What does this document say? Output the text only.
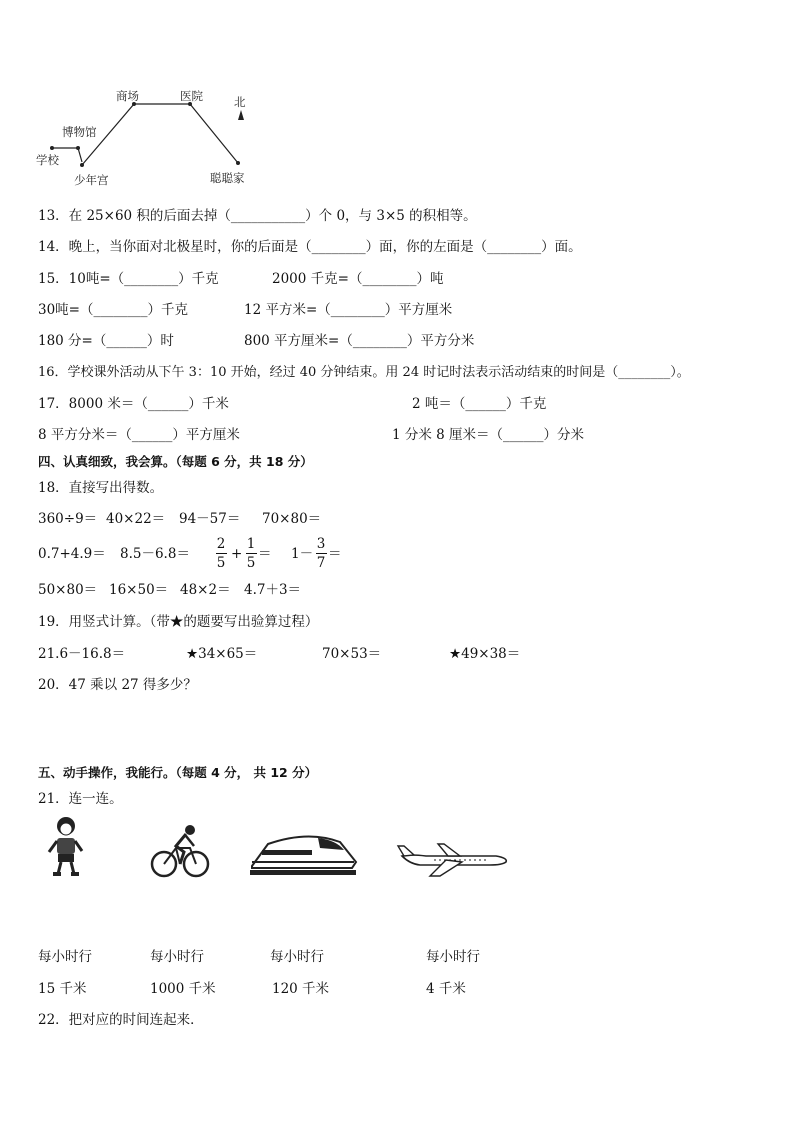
商场	医院
博物馆
学校
少年宫	聪聪家
北
13．在 25×60 积的后面去掉（___________）个 0，与 3×5 的积相等。
14．晚上，当你面对北极星时，你的后面是（________）面，你的左面是（________）面。
15．10吨=（________）千克	2000 千克=（________）吨
30吨=（________）千克	12 平方米=（________）平方厘米
180 分=（______）时	800 平方厘米=（________）平方分米
16．学校课外活动从下午 3：10 开始，经过 40 分钟结束。用 24 时记时法表示活动结束的时间是（________）。
17．8000 米＝（______）千米	2 吨＝（______）千克
8 平方分米＝（______）平方厘米	1 分米 8 厘米＝（______）分米
四、认真细致，我会算。（每题 6 分，共 18 分）
18．直接写出得数。
360÷9＝ 40×22＝ 94－57＝ 70×80＝
0.7+4.9＝ 8.5－6.8＝
2
5
+
1
5
＝ 1－
3
7
＝
50×80＝ 16×50＝ 48×2＝ 4.7＋3＝
19．用竖式计算。（带★的题要写出验算过程）
21.6－16.8＝	★34×65＝	70×53＝	★49×38＝
20．47 乘以 27 得多少？
五、动手操作，我能行。（每题 4 分， 共 12 分）
21．连一连。
每小时行	每小时行	每小时行	每小时行
15 千米	1000 千米	120 千米	4 千米
22．把对应的时间连起来．
